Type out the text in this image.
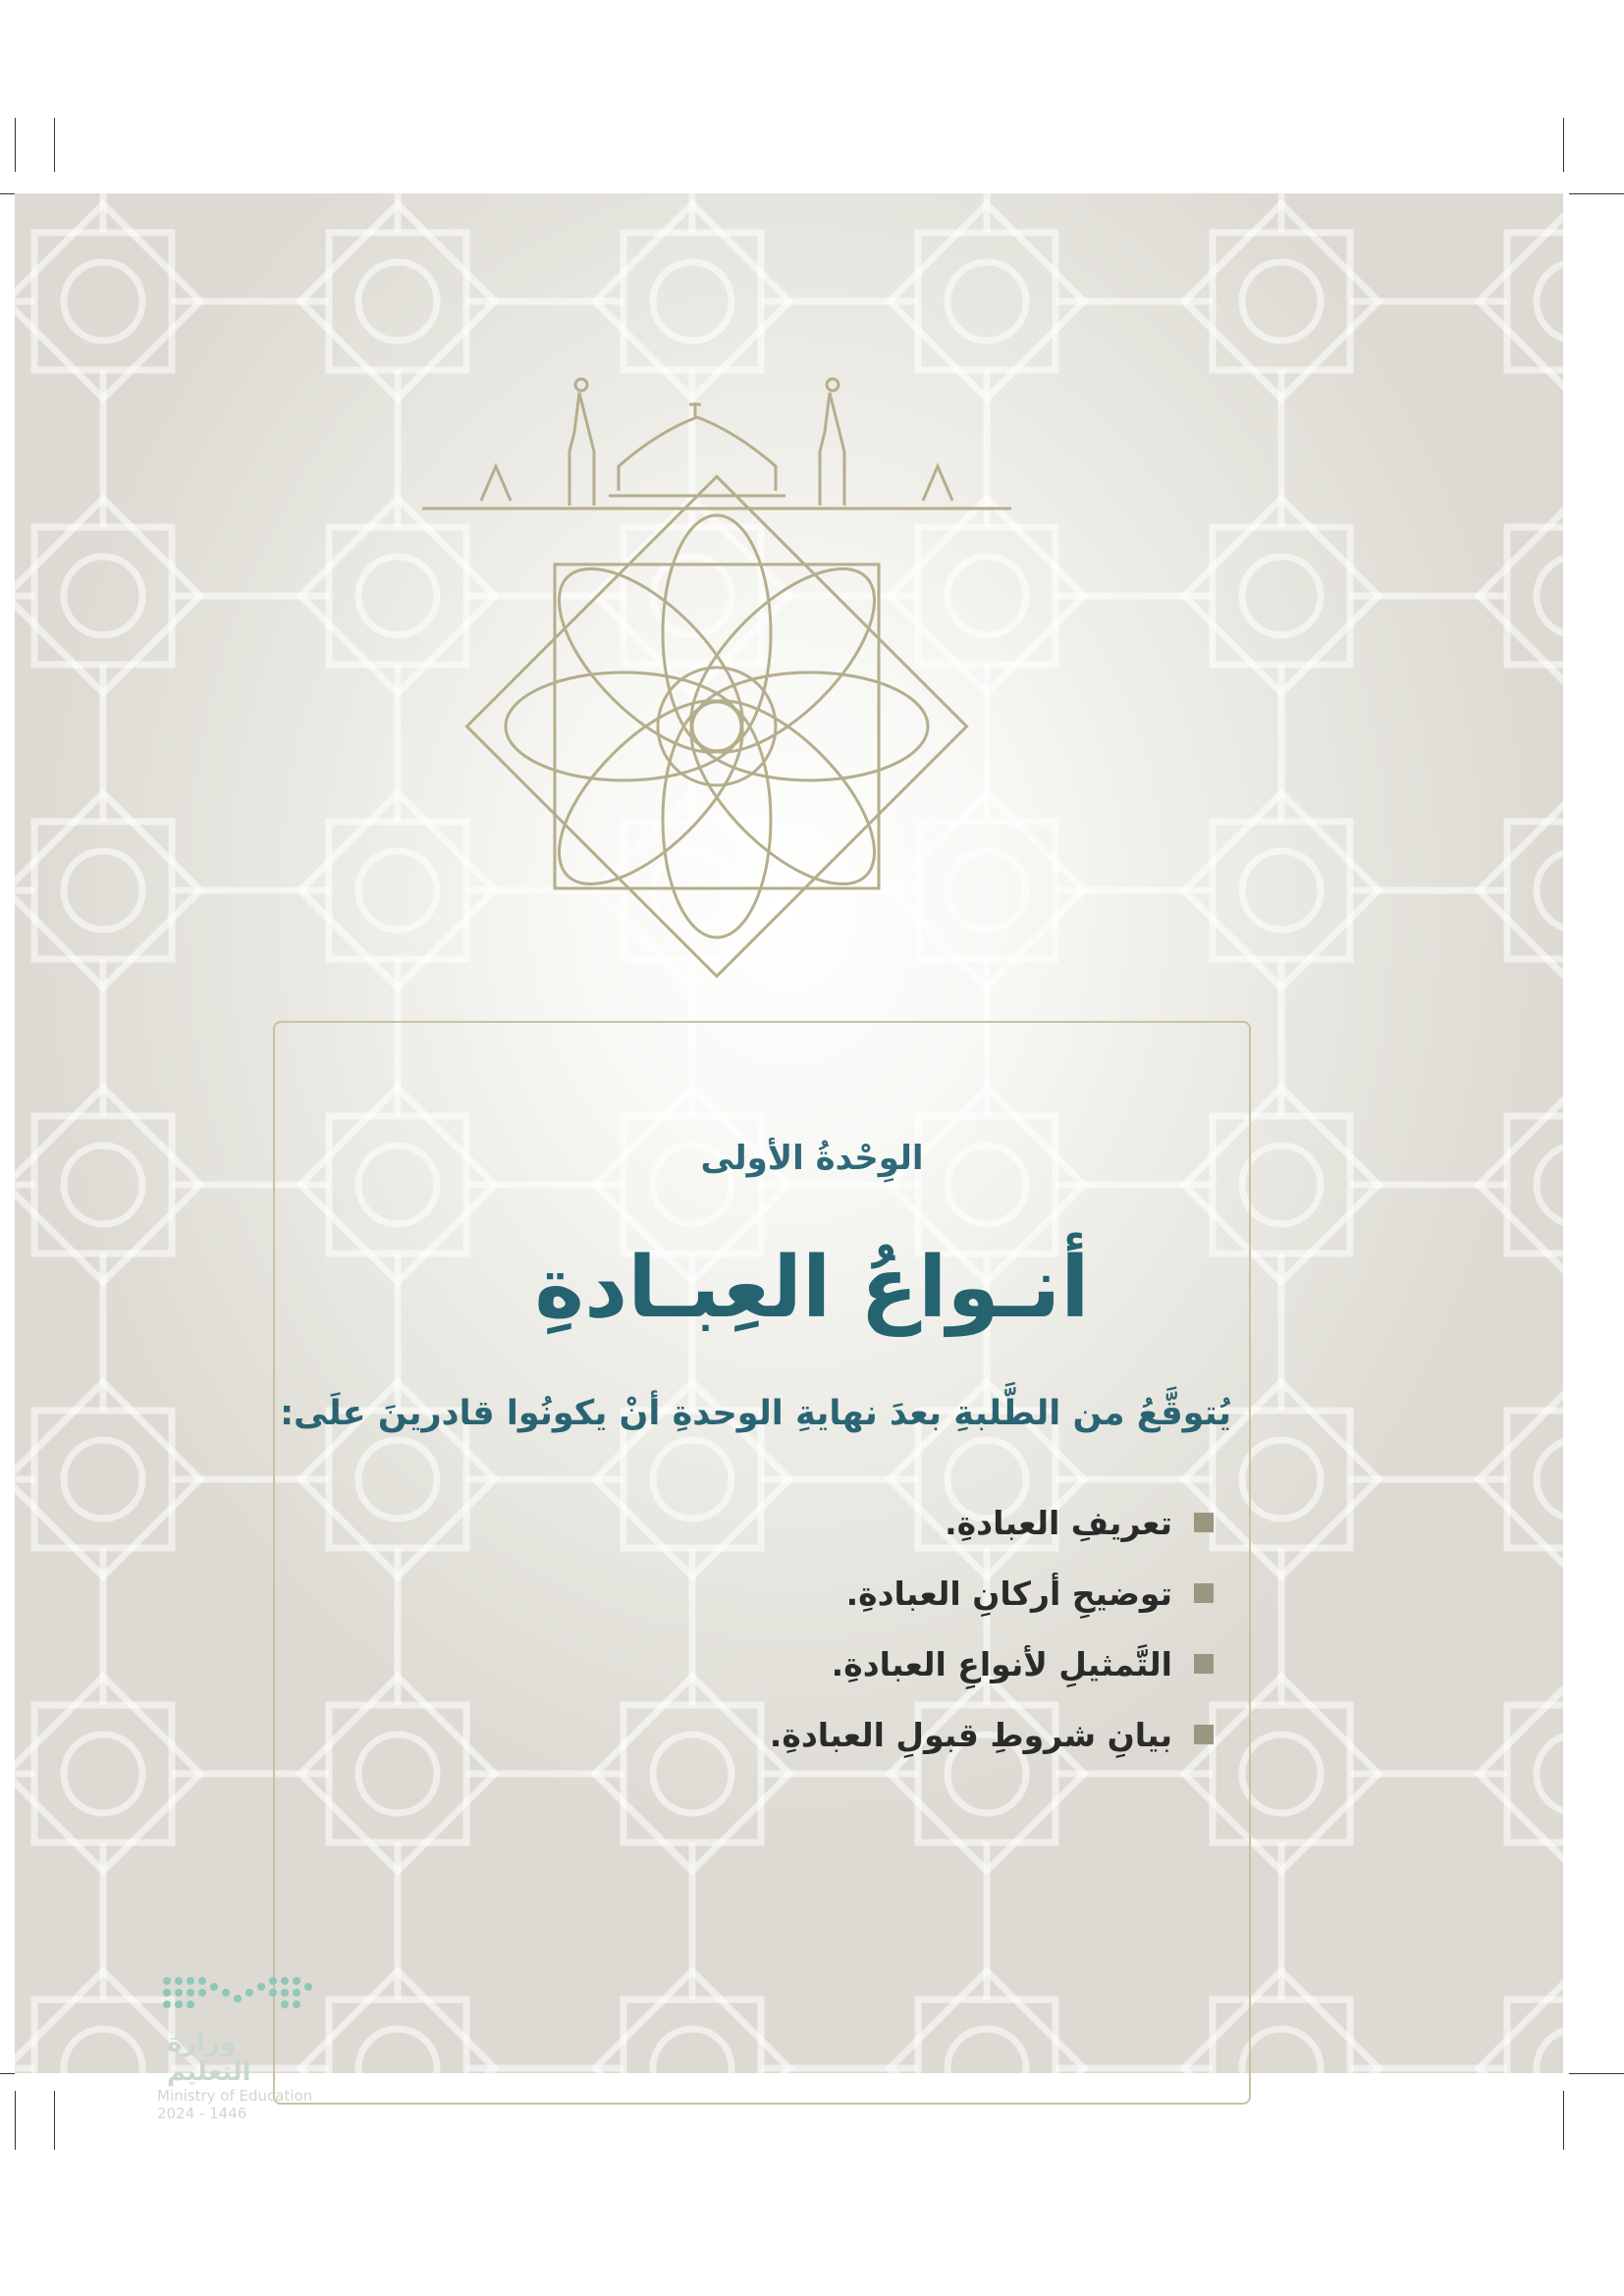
الوِحْدةُ الأولى
أنـواعُ العِبـادةِ
يُتوقَّعُ من الطَّلبةِ بعدَ نهايةِ الوحدةِ أنْ يكونُوا قادرينَ علَى:
تعريفِ العبادةِ.
توضيحِ أركانِ العبادةِ.
التَّمثيلِ لأنواعِ العبادةِ.
بيانِ شروطِ قبولِ العبادةِ.
وزارة التعليم
Ministry of Education
2024 - 1446
